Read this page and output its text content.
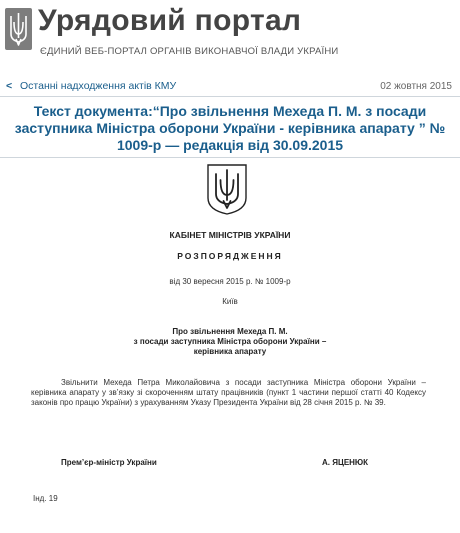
Урядовий портал
ЄДИНИЙ ВЕБ-ПОРТАЛ ОРГАНІВ ВИКОНАВЧОЇ ВЛАДИ УКРАЇНИ
< Останні надходження актів КМУ	02 жовтня 2015
Текст документа:“Про звільнення Мехеда П. М. з посади заступника Міністра оборони України - керівника апарату ” № 1009-р — редакція від 30.09.2015
КАБІНЕТ МІНІСТРІВ УКРАЇНИ
РОЗПОРЯДЖЕННЯ
від 30 вересня 2015 р. № 1009-р
Київ
Про звільнення Мехеда П. М.
з посади заступника Міністра оборони України –
керівника апарату

Звільнити Мехеда Петра Миколайовича з посади заступника Міністра оборони України – керівника апарату у зв’язку зі скороченням штату працівників (пункт 1 частини першої статті 40 Кодексу законів про працю України) з урахуванням Указу Президента України від 28 січня 2015 р. № 39.

Прем’єр-міністр України	А. ЯЦЕНЮК
Інд. 19
